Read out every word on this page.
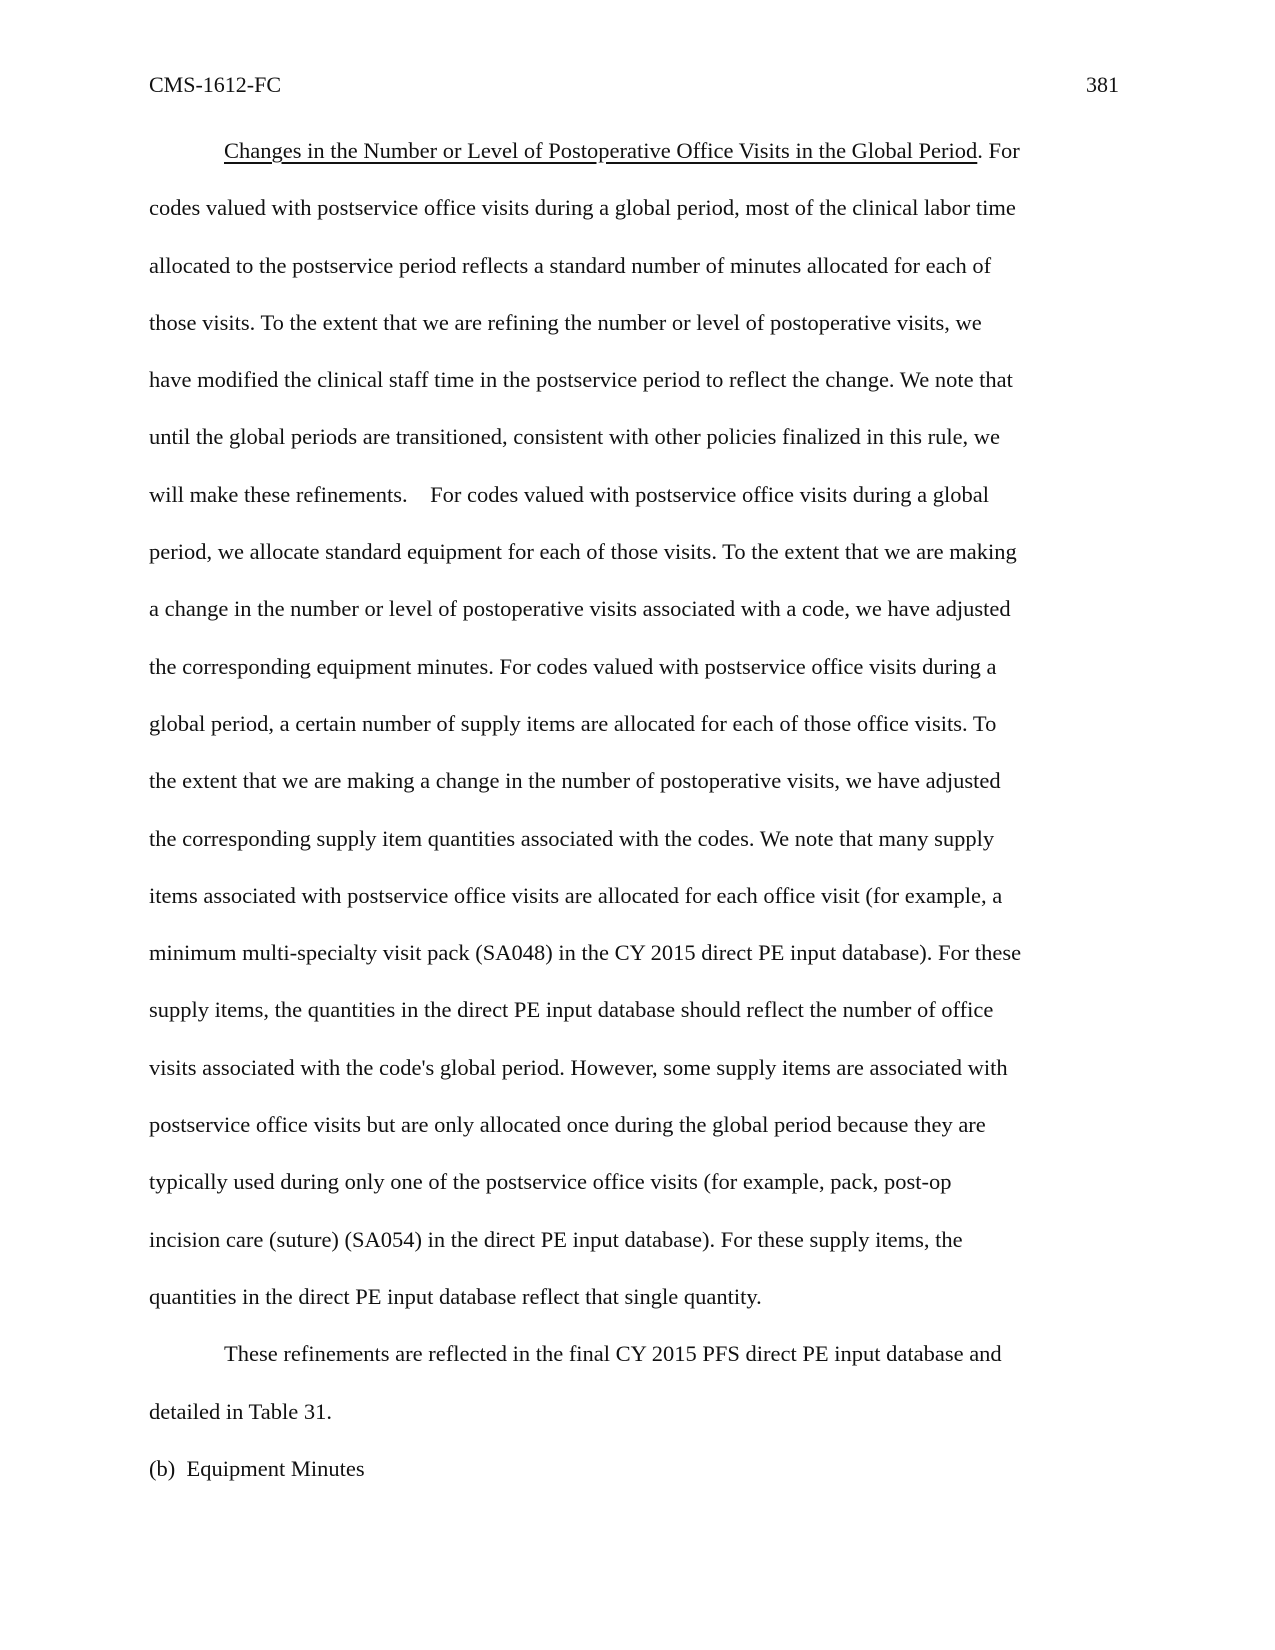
CMS-1612-FC	381

Changes in the Number or Level of Postoperative Office Visits in the Global Period. For
codes valued with postservice office visits during a global period, most of the clinical labor time
allocated to the postservice period reflects a standard number of minutes allocated for each of
those visits. To the extent that we are refining the number or level of postoperative visits, we
have modified the clinical staff time in the postservice period to reflect the change. We note that
until the global periods are transitioned, consistent with other policies finalized in this rule, we
will make these refinements.    For codes valued with postservice office visits during a global
period, we allocate standard equipment for each of those visits. To the extent that we are making
a change in the number or level of postoperative visits associated with a code, we have adjusted
the corresponding equipment minutes. For codes valued with postservice office visits during a
global period, a certain number of supply items are allocated for each of those office visits. To
the extent that we are making a change in the number of postoperative visits, we have adjusted
the corresponding supply item quantities associated with the codes. We note that many supply
items associated with postservice office visits are allocated for each office visit (for example, a
minimum multi-specialty visit pack (SA048) in the CY 2015 direct PE input database). For these
supply items, the quantities in the direct PE input database should reflect the number of office
visits associated with the code's global period. However, some supply items are associated with
postservice office visits but are only allocated once during the global period because they are
typically used during only one of the postservice office visits (for example, pack, post-op
incision care (suture) (SA054) in the direct PE input database). For these supply items, the
quantities in the direct PE input database reflect that single quantity.

These refinements are reflected in the final CY 2015 PFS direct PE input database and
detailed in Table 31.

(b)  Equipment Minutes
